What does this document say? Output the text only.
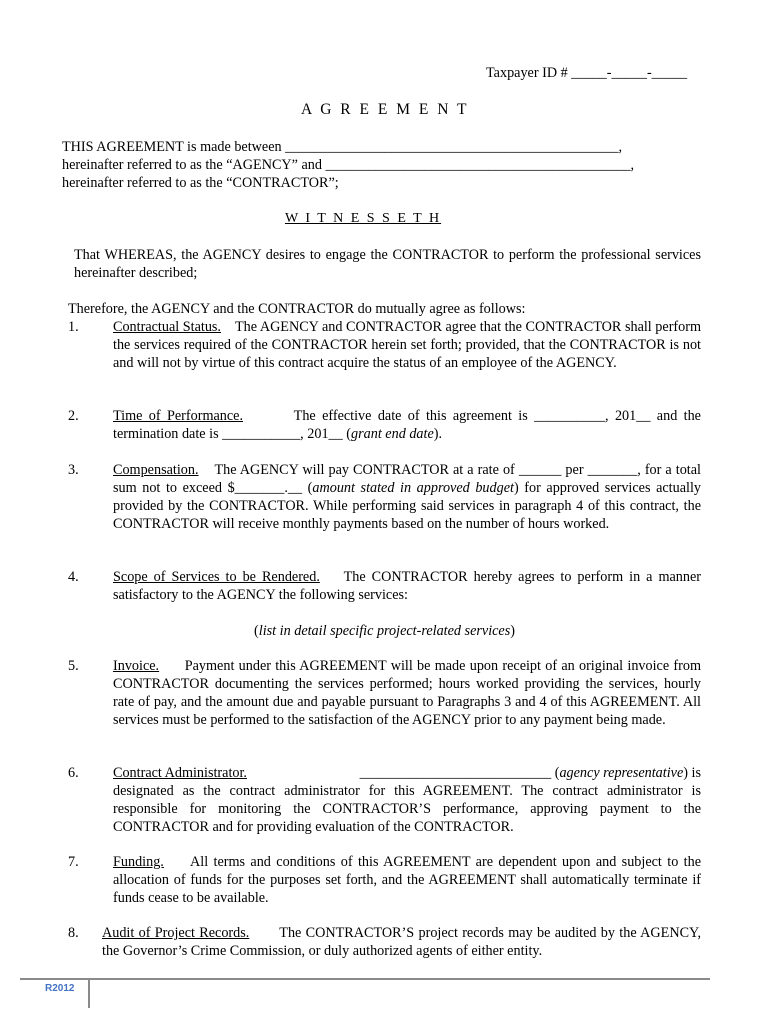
Taxpayer ID # _____-_____-_____
A G R E E M E N T
THIS AGREEMENT is made between _______________________________________________,
hereinafter referred to as the “AGENCY” and ___________________________________________,
hereinafter referred to as the “CONTRACTOR”;
W I T N E S S E T H
That WHEREAS, the AGENCY desires to engage the CONTRACTOR to perform the professional services hereinafter described;
Therefore, the AGENCY and the CONTRACTOR do mutually agree as follows:
1. Contractual Status. The AGENCY and CONTRACTOR agree that the CONTRACTOR shall perform the services required of the CONTRACTOR herein set forth; provided, that the CONTRACTOR is not and will not by virtue of this contract acquire the status of an employee of the AGENCY.
2. Time of Performance.	The effective date of this agreement is __________, 201__ and the termination date is ___________, 201__ (grant end date).
3. Compensation. The AGENCY will pay CONTRACTOR at a rate of ______ per _______, for a total sum not to exceed $_______.__ (amount stated in approved budget) for approved services actually provided by the CONTRACTOR. While performing said services in paragraph 4 of this contract, the CONTRACTOR will receive monthly payments based on the number of hours worked.
4. Scope of Services to be Rendered. The CONTRACTOR hereby agrees to perform in a manner satisfactory to the AGENCY the following services:
(list in detail specific project-related services)
5. Invoice. Payment under this AGREEMENT will be made upon receipt of an original invoice from CONTRACTOR documenting the services performed; hours worked providing the services, hourly rate of pay, and the amount due and payable pursuant to Paragraphs 3 and 4 of this AGREEMENT. All services must be performed to the satisfaction of the AGENCY prior to any payment being made.
6. Contract Administrator.	___________________________ (agency representative) is

designated as the contract administrator for this AGREEMENT. The contract administrator is responsible for monitoring the CONTRACTOR’S performance, approving payment to the CONTRACTOR and for providing evaluation of the CONTRACTOR.

7. Funding. All terms and conditions of this AGREEMENT are dependent upon and subject to the allocation of funds for the purposes set forth, and the AGREEMENT shall automatically terminate if funds cease to be available.
8. Audit of Project Records. The CONTRACTOR’S project records may be audited by the AGENCY, the Governor’s Crime Commission, or duly authorized agents of either entity.
R2012
